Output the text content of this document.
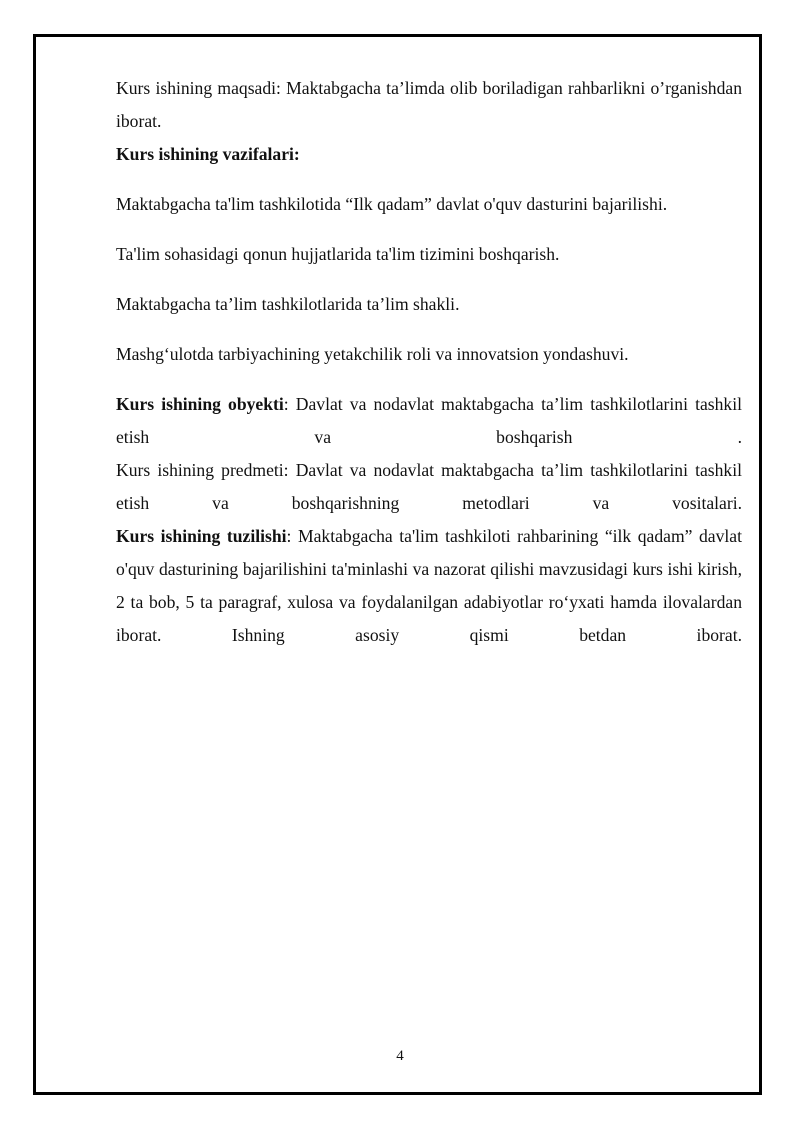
Kurs ishining maqsadi: Maktabgacha ta’limda olib boriladigan rahbarlikni o’rganishdan iborat.

Kurs ishining vazifalari:

Maktabgacha ta'lim tashkilotida “Ilk qadam” davlat o'quv dasturini bajarilishi.

Ta'lim sohasidagi qonun hujjatlarida ta'lim tizimini boshqarish.

Maktabgacha ta’lim tashkilotlarida ta’lim shakli.

Mashg‘ulotda tarbiyachining yetakchilik roli va innovatsion yondashuvi.

Kurs ishining obyekti: Davlat va nodavlat maktabgacha ta’lim tashkilotlarini tashkil etish va boshqarish	.

Kurs ishining predmeti: Davlat va nodavlat maktabgacha ta’lim tashkilotlarini tashkil etish va boshqarishning metodlari va vositalari.

Kurs ishining tuzilishi: Maktabgacha ta'lim tashkiloti rahbarining “ilk qadam” davlat o'quv dasturining bajarilishini ta'minlashi va nazorat qilishi mavzusidagi kurs ishi kirish, 2 ta bob, 5 ta paragraf, xulosa va foydalanilgan adabiyotlar ro‘yxati hamda ilovalardan iborat. Ishning asosiy qismi betdan iborat.

4
